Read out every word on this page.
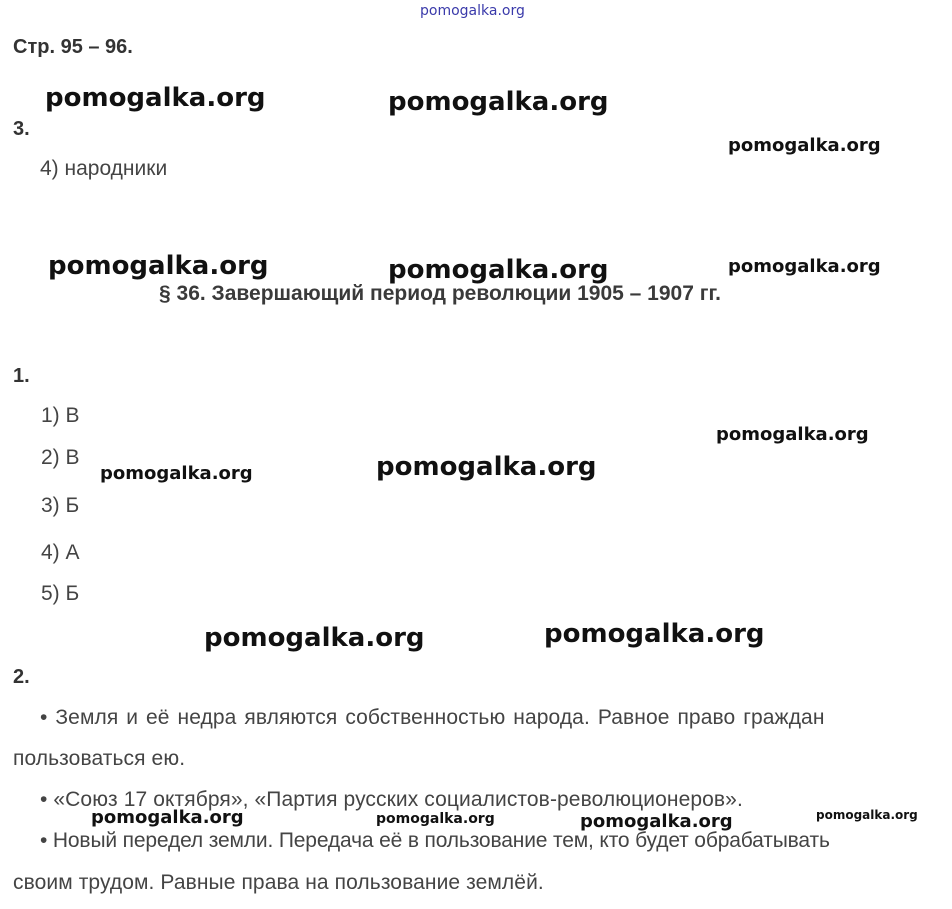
pomogalka.org
Стр. 95 – 96.
3.
4) народники
§ 36. Завершающий период революции 1905 – 1907 гг.
1.
1) В
2) В
3) Б
4) А
5) Б
2.
• Земля и её недра являются собственностью народа. Равное право граждан
пользоваться ею.
• «Союз 17 октября», «Партия русских социалистов-революционеров».
• Новый передел земли. Передача её в пользование тем, кто будет обрабатывать
своим трудом. Равные права на пользование землёй.
pomogalka.org	pomogalka.org
pomogalka.org
pomogalka.org	pomogalka.org	pomogalka.org
pomogalka.org
pomogalka.org	pomogalka.org
pomogalka.org	pomogalka.org
pomogalka.org	pomogalka.org	pomogalka.org	pomogalka.org
